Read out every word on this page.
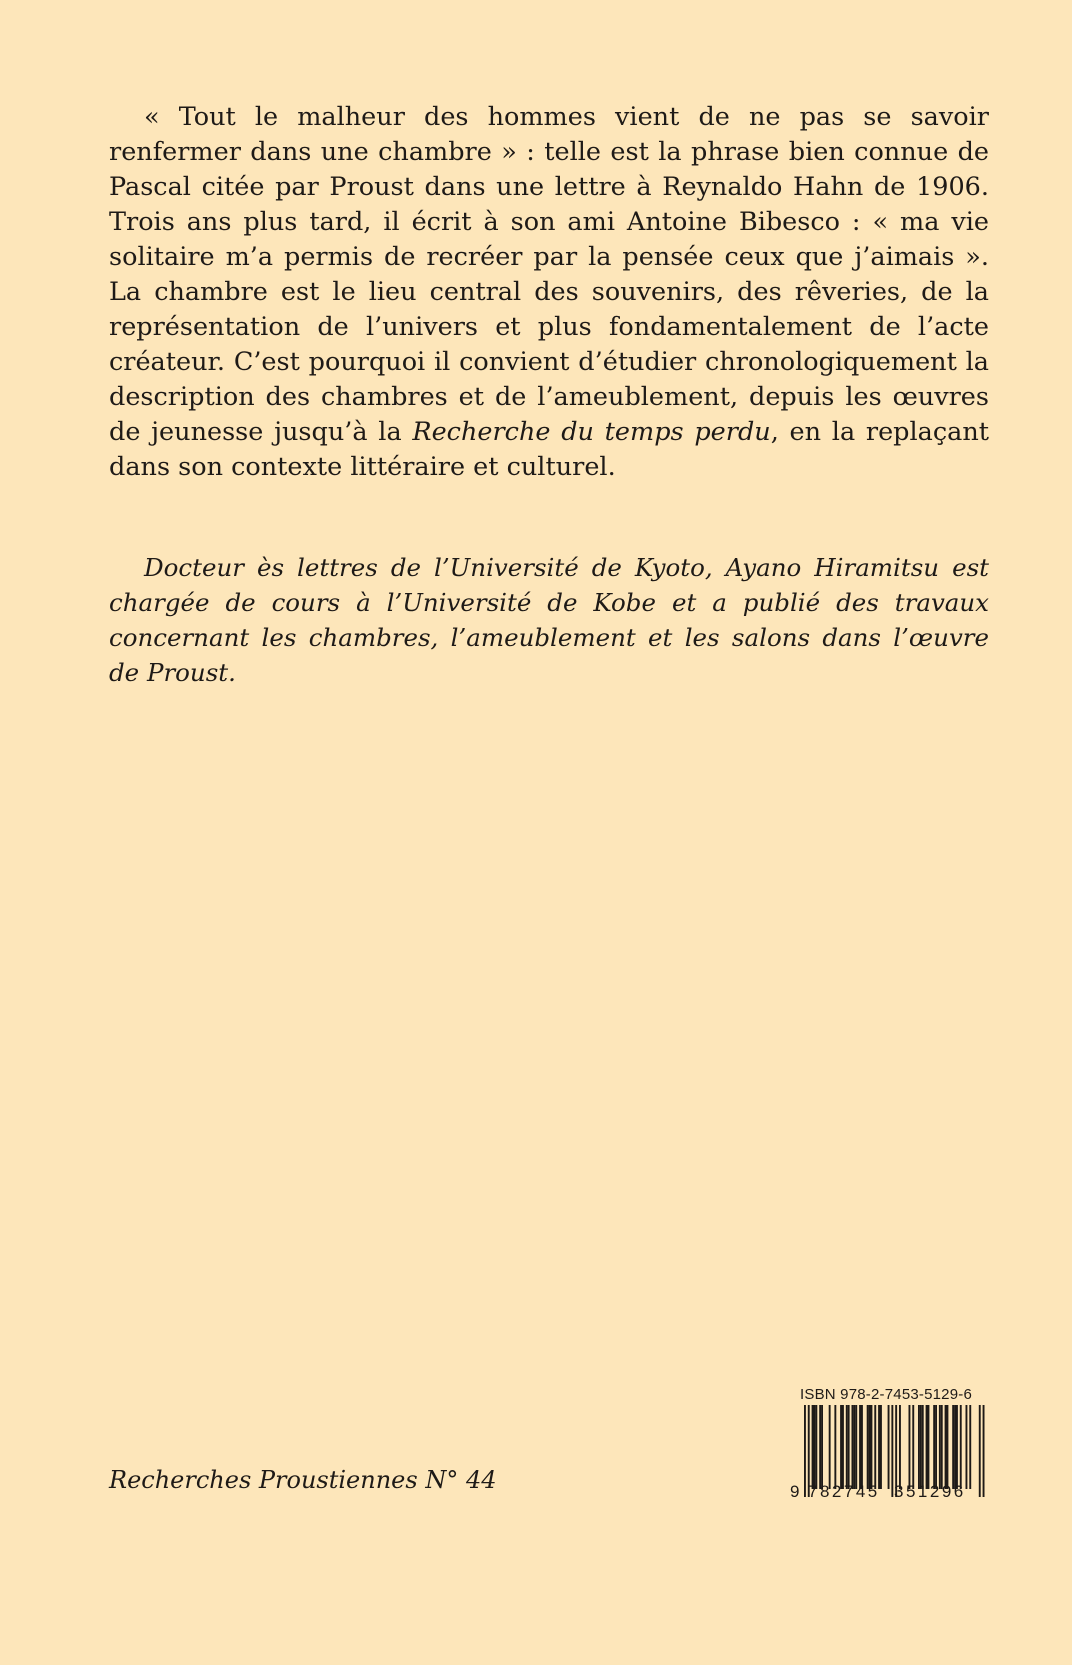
« Tout le malheur des hommes vient de ne pas se savoir renfermer dans une chambre » : telle est la phrase bien connue de Pascal citée par Proust dans une lettre à Reynaldo Hahn de 1906. Trois ans plus tard, il écrit à son ami Antoine Bibesco : « ma vie solitaire m’a permis de recréer par la pensée ceux que j’aimais ». La chambre est le lieu central des souvenirs, des rêveries, de la représentation de l’univers et plus fondamentalement de l’acte créateur. C’est pourquoi il convient d’étudier chronologiquement la description des chambres et de l’ameublement, depuis les œuvres de jeunesse jusqu’à la Recherche du temps perdu, en la replaçant dans son contexte littéraire et culturel.

Docteur ès lettres de l’Université de Kyoto, Ayano Hiramitsu est chargée de cours à l’Université de Kobe et a publié des travaux concernant les chambres, l’ameublement et les salons dans l’œuvre de Proust.

Recherches Proustiennes N° 44

ISBN 978-2-7453-5129-6

9 782745 351296
